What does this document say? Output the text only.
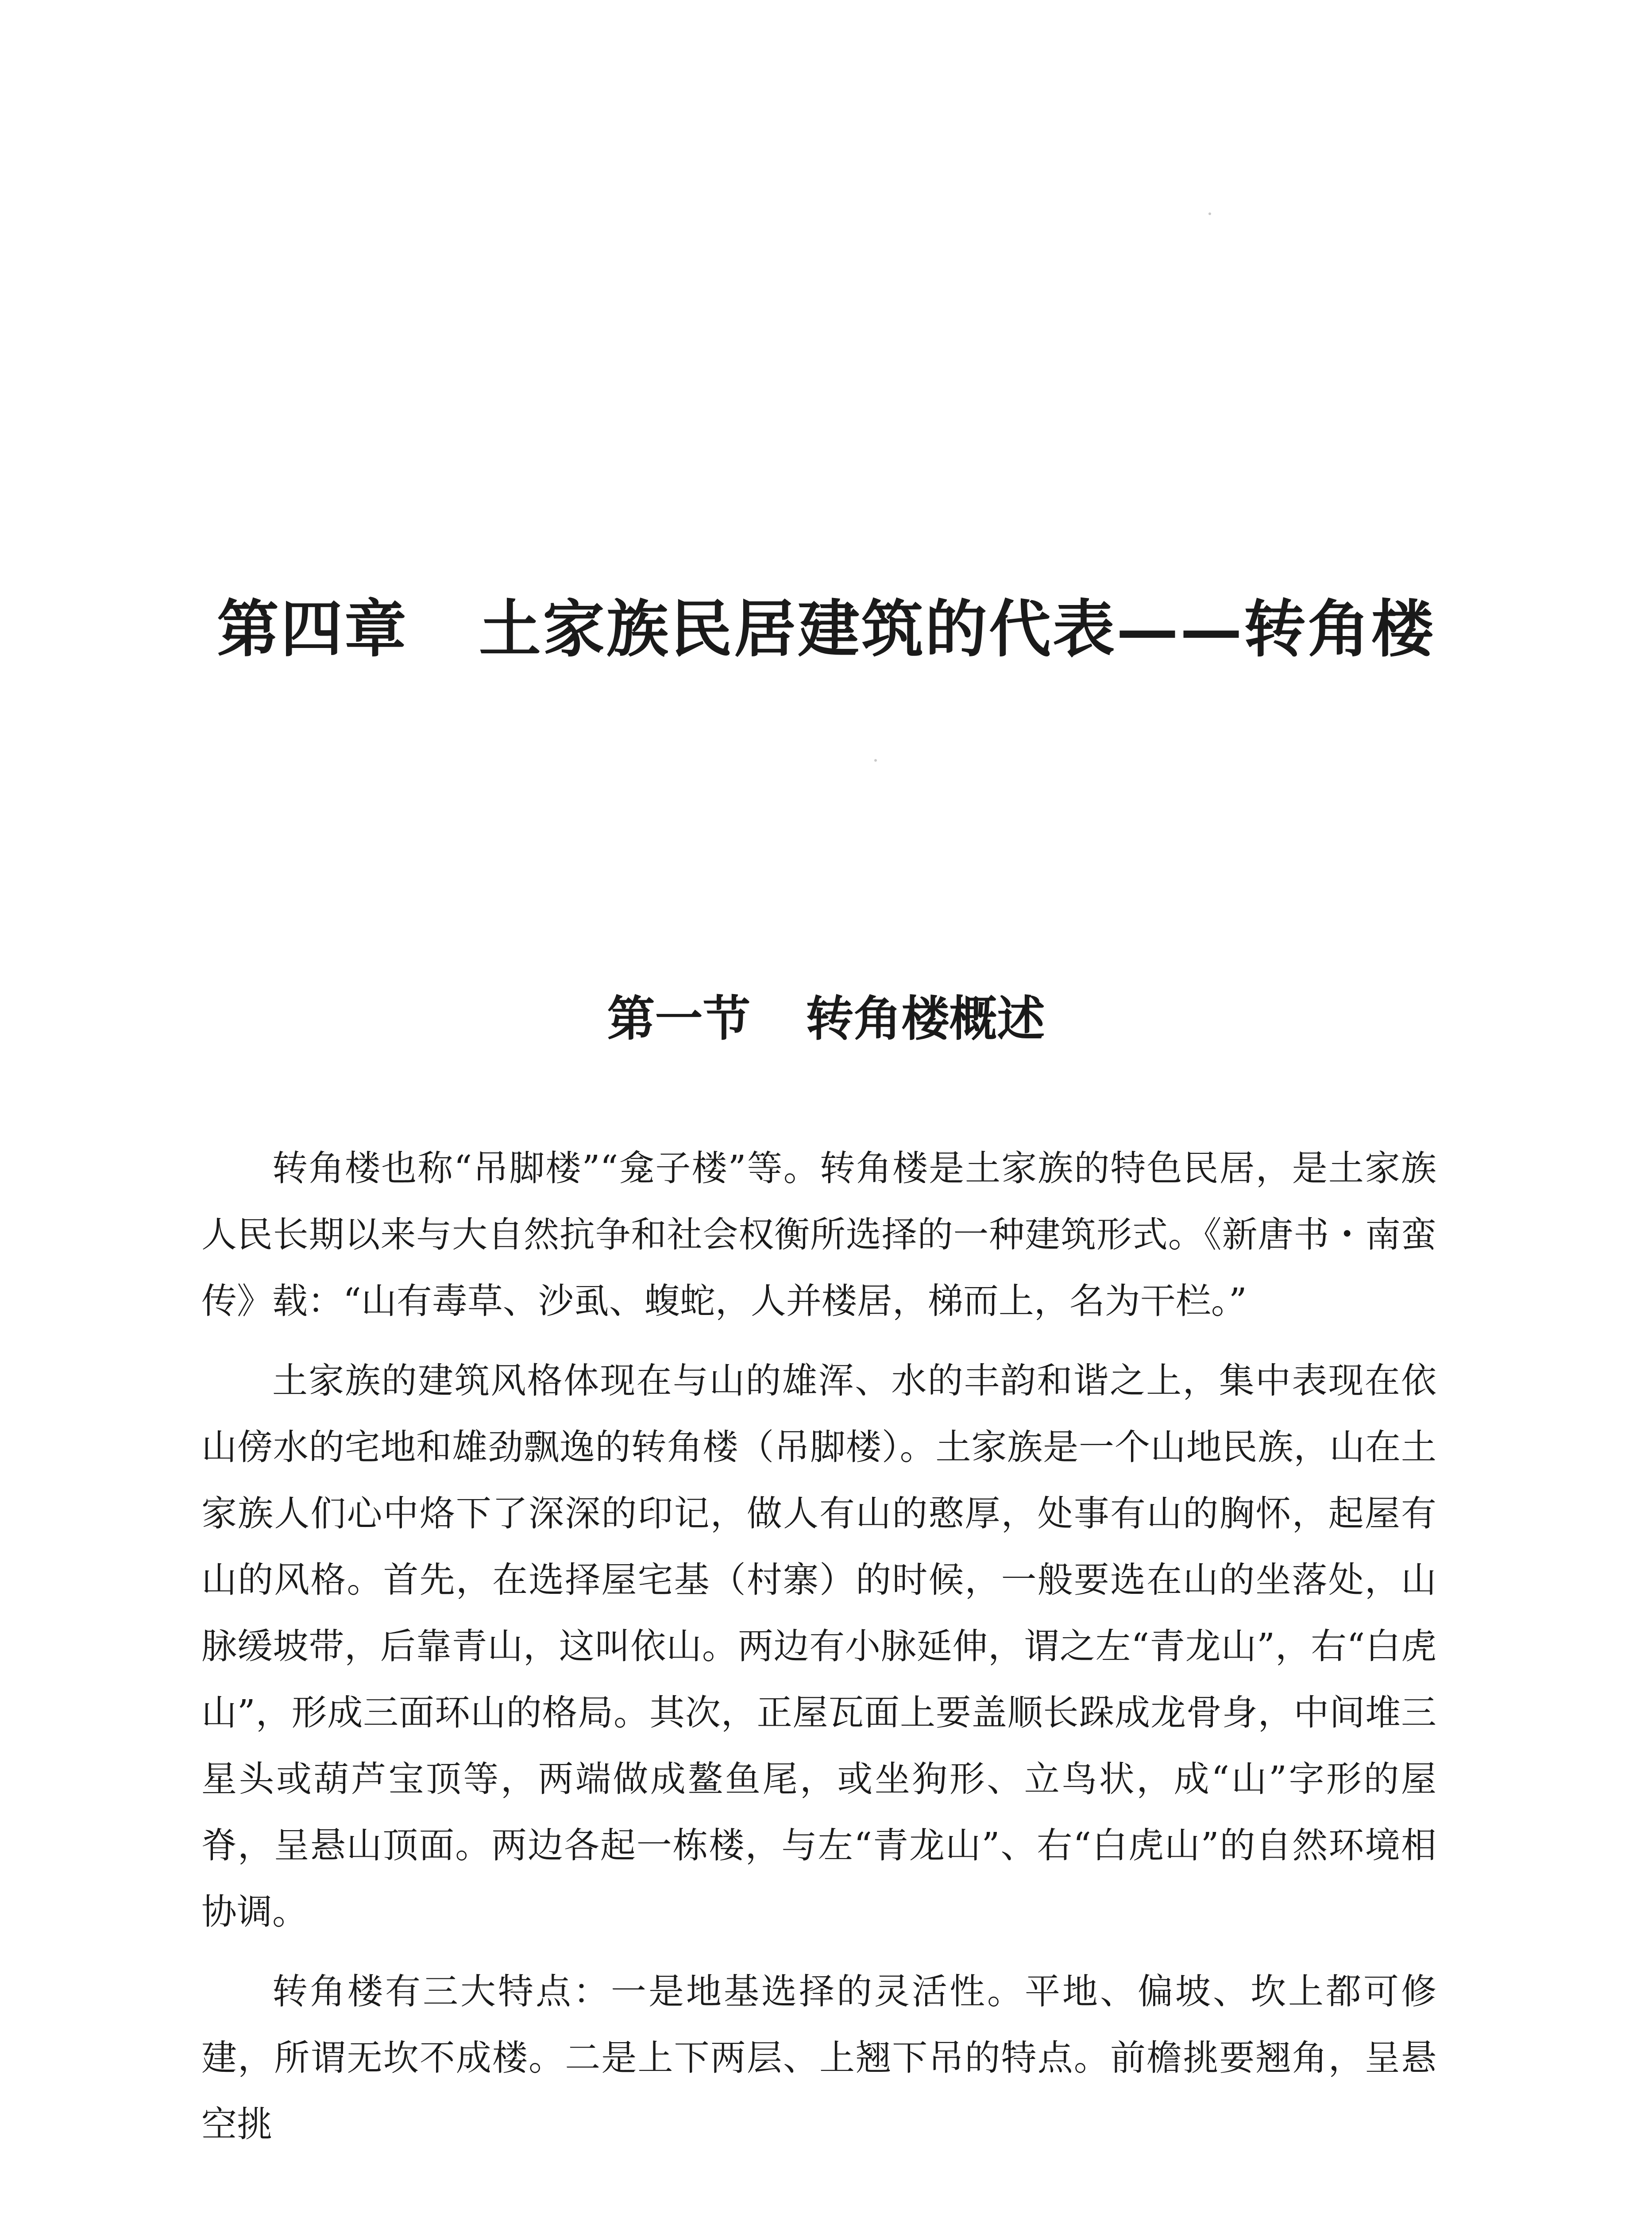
第四章 土家族民居建筑的代表——转角楼
第一节 转角楼概述

转角楼也称“吊脚楼”“龛子楼”等。转角楼是土家族的特色民居，是土家族人民长期以来与大自然抗争和社会权衡所选择的一种建筑形式。《新唐书・南蛮传》载：“山有毒草、沙虱、蝮蛇，人并楼居，梯而上，名为干栏。”

土家族的建筑风格体现在与山的雄浑、水的丰韵和谐之上，集中表现在依山傍水的宅地和雄劲飘逸的转角楼（吊脚楼）。土家族是一个山地民族，山在土家族人们心中烙下了深深的印记，做人有山的憨厚，处事有山的胸怀，起屋有山的风格。首先，在选择屋宅基（村寨）的时候，一般要选在山的坐落处，山脉缓坡带，后靠青山，这叫依山。两边有小脉延伸，谓之左“青龙山”，右“白虎山”，形成三面环山的格局。其次，正屋瓦面上要盖顺长跺成龙骨身，中间堆三星头或葫芦宝顶等，两端做成鳌鱼尾，或坐狗形、立鸟状，成“山”字形的屋脊，呈悬山顶面。两边各起一栋楼，与左“青龙山”、右“白虎山”的自然环境相协调。

转角楼有三大特点：一是地基选择的灵活性。平地、偏坡、坎上都可修建，所谓无坎不成楼。二是上下两层、上翘下吊的特点。前檐挑要翘角，呈悬空挑
